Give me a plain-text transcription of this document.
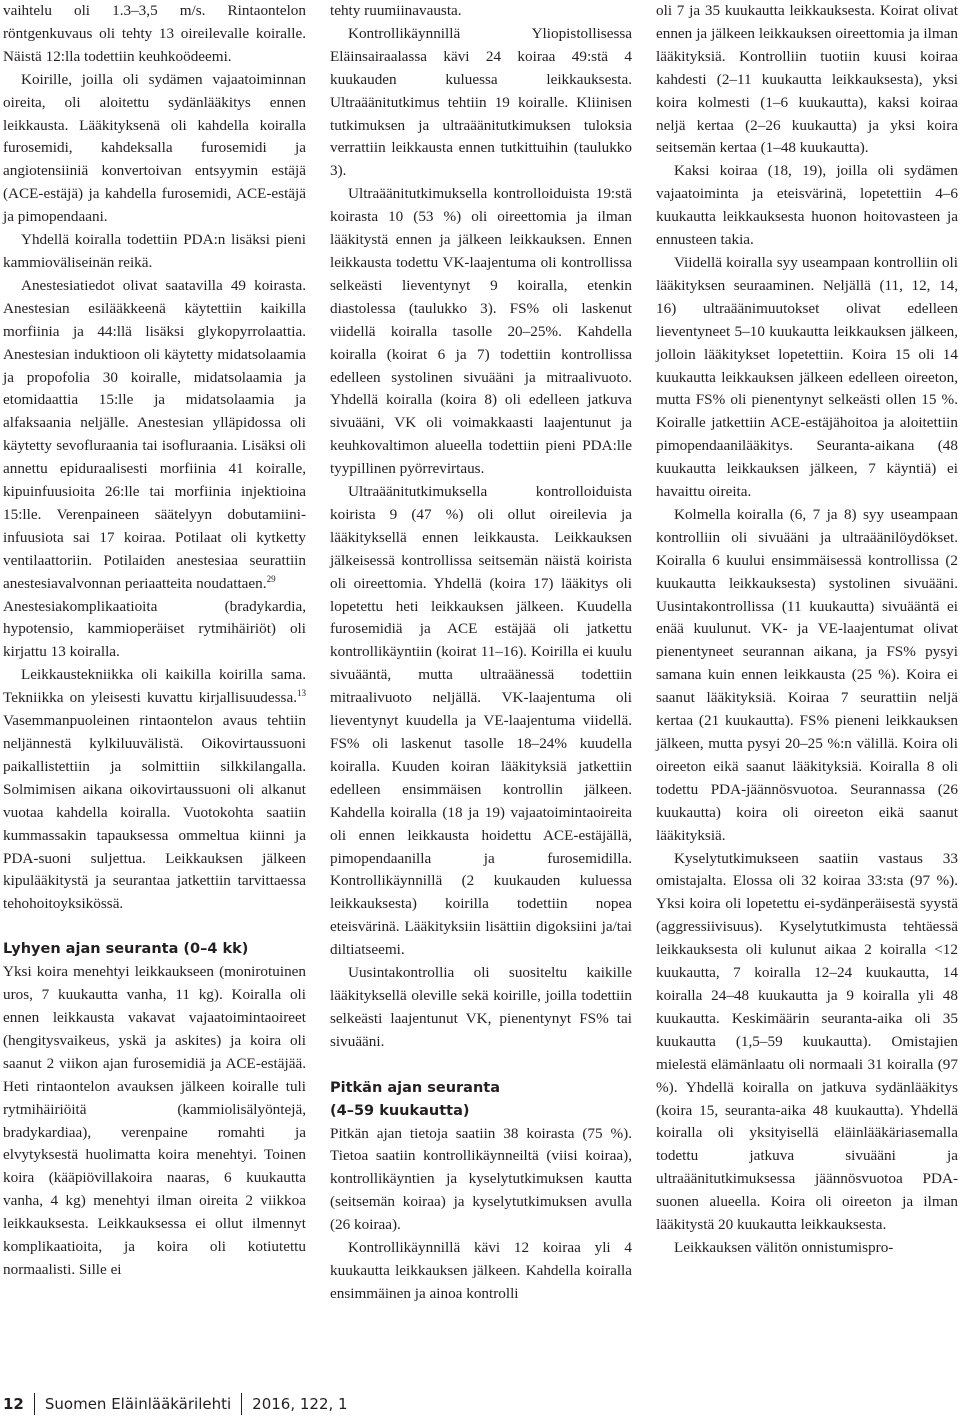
vaihtelu oli 1.3–3,5 m/s. Rintaontelon röntgenkuvaus oli tehty 13 oireilevalle koiralle. Näistä 12:lla todettiin keuhkoödeemi.

Koirille, joilla oli sydämen vajaatoiminnan oireita, oli aloitettu sydänlääkitys ennen leikkausta. Lääkityksenä oli kahdella koiralla furosemidi, kahdeksalla furosemidi ja angiotensiiniä konvertoivan entsyymin estäjä (ACE-estäjä) ja kahdella furosemidi, ACE-estäjä ja pimopendaani.

Yhdellä koiralla todettiin PDA:n lisäksi pieni kammioväliseinän reikä.

Anestesiatiedot olivat saatavilla 49 koirasta. Anestesian esilääkkeenä käytettiin kaikilla morfiinia ja 44:llä lisäksi glykopyrrolaattia. Anestesian induktioon oli käytetty midatsolaamia ja propofolia 30 koiralle, midatsolaamia ja etomidaattia 15:lle ja midatsolaamia ja alfaksaania neljälle. Anestesian ylläpidossa oli käytetty sevofluraania tai isofluraania. Lisäksi oli annettu epiduraalisesti morfiinia 41 koiralle, kipuinfuusioita 26:lle tai morfiinia injektioina 15:lle. Verenpaineen säätelyyn dobutamiini-infuusiota sai 17 koiraa. Potilaat oli kytketty ventilaattoriin. Potilaiden anestesiaa seurattiin anestesiavalvonnan periaatteita noudattaen.$^{29}$

Anestesiakomplikaatioita (bradykardia, hypotensio, kammioperäiset rytmihäiriöt) oli kirjattu 13 koiralla.

Leikkaustekniikka oli kaikilla koirilla sama. Tekniikka on yleisesti kuvattu kirjallisuudessa.$^{13}$ Vasemmanpuoleinen rintaontelon avaus tehtiin neljännestä kylkiluuvälistä. Oikovirtaussuoni paikallistettiin ja solmittiin silkkilangalla. Solmimisen aikana oikovirtaussuoni oli alkanut vuotaa kahdella koiralla. Vuotokohta saatiin kummassakin tapauksessa ommeltua kiinni ja PDA-suoni suljettua. Leikkauksen jälkeen kipulääkitystä ja seurantaa jatkettiin tarvittaessa tehohoitoyksikössä.

Lyhyen ajan seuranta (0–4 kk)

Yksi koira menehtyi leikkaukseen (monirotuinen uros, 7 kuukautta vanha, 11 kg). Koiralla oli ennen leikkausta vakavat vajaatoimintaoireet (hengitysvaikeus, yskä ja askites) ja koira oli saanut 2 viikon ajan furosemidiä ja ACE-estäjää. Heti rintaontelon avauksen jälkeen koiralle tuli rytmihäiriöitä (kammiolisälyöntejä, bradykardiaa), verenpaine romahti ja elvytyksestä huolimatta koira menehtyi. Toinen koira (kääpiövillakoira naaras, 6 kuukautta vanha, 4 kg) menehtyi ilman oireita 2 viikkoa leikkauksesta. Leikkauksessa ei ollut ilmennyt komplikaatioita, ja koira oli kotiutettu normaalisti. Sille ei

tehty ruumiinavausta.

Kontrollikäynnillä Yliopistollisessa Eläinsairaalassa kävi 24 koiraa 49:stä 4 kuukauden kuluessa leikkauksesta. Ultraäänitutkimus tehtiin 19 koiralle. Kliinisen tutkimuksen ja ultraäänitutkimuksen tuloksia verrattiin leikkausta ennen tutkittuihin (taulukko 3).

Ultraäänitutkimuksella kontrolloiduista 19:stä koirasta 10 (53 %) oli oireettomia ja ilman lääkitystä ennen ja jälkeen leikkauksen. Ennen leikkausta todettu VK-laajentuma oli kontrollissa selkeästi lieventynyt 9 koiralla, etenkin diastolessa (taulukko 3). FS% oli laskenut viidellä koiralla tasolle 20–25%. Kahdella koiralla (koirat 6 ja 7) todettiin kontrollissa edelleen systolinen sivuääni ja mitraalivuoto. Yhdellä koiralla (koira 8) oli edelleen jatkuva sivuääni, VK oli voimakkaasti laajentunut ja keuhkovaltimon alueella todettiin pieni PDA:lle tyypillinen pyörrevirtaus.

Ultraäänitutkimuksella kontrolloiduista koirista 9 (47 %) oli ollut oireilevia ja lääkityksellä ennen leikkausta. Leikkauksen jälkeisessä kontrollissa seitsemän näistä koirista oli oireettomia. Yhdellä (koira 17) lääkitys oli lopetettu heti leikkauksen jälkeen. Kuudella furosemidiä ja ACE estäjää oli jatkettu kontrollikäyntiin (koirat 11–16). Koirilla ei kuulu sivuääntä, mutta ultraäänessä todettiin mitraalivuoto neljällä. VK-laajentuma oli lieventynyt kuudella ja VE-laajentuma viidellä. FS% oli laskenut tasolle 18–24% kuudella koiralla. Kuuden koiran lääkityksiä jatkettiin edelleen ensimmäisen kontrollin jälkeen. Kahdella koiralla (18 ja 19) vajaatoimintaoireita oli ennen leikkausta hoidettu ACE-estäjällä, pimopendaanilla ja furosemidilla. Kontrollikäynnillä (2 kuukauden kuluessa leikkauksesta) koirilla todettiin nopea eteisvärinä. Lääkityksiin lisättiin digoksiini ja/tai diltiatseemi.

Uusintakontrollia oli suositeltu kaikille lääkityksellä oleville sekä koirille, joilla todettiin selkeästi laajentunut VK, pienentynyt FS% tai sivuääni.

Pitkän ajan seuranta
(4–59 kuukautta)

Pitkän ajan tietoja saatiin 38 koirasta (75 %). Tietoa saatiin kontrollikäynneiltä (viisi koiraa), kontrollikäyntien ja kyselytutkimuksen kautta (seitsemän koiraa) ja kyselytutkimuksen avulla (26 koiraa).

Kontrollikäynnillä kävi 12 koiraa yli 4 kuukautta leikkauksen jälkeen. Kahdella koiralla ensimmäinen ja ainoa kontrolli

oli 7 ja 35 kuukautta leikkauksesta. Koirat olivat ennen ja jälkeen leikkauksen oireettomia ja ilman lääkityksiä. Kontrolliin tuotiin kuusi koiraa kahdesti (2–11 kuukautta leikkauksesta), yksi koira kolmesti (1–6 kuukautta), kaksi koiraa neljä kertaa (2–26 kuukautta) ja yksi koira seitsemän kertaa (1–48 kuukautta).

Kaksi koiraa (18, 19), joilla oli sydämen vajaatoiminta ja eteisvärinä, lopetettiin 4–6 kuukautta leikkauksesta huonon hoitovasteen ja ennusteen takia.

Viidellä koiralla syy useampaan kontrolliin oli lääkityksen seuraaminen. Neljällä (11, 12, 14, 16) ultraäänimuutokset olivat edelleen lieventyneet 5–10 kuukautta leikkauksen jälkeen, jolloin lääkitykset lopetettiin. Koira 15 oli 14 kuukautta leikkauksen jälkeen edelleen oireeton, mutta FS% oli pienentynyt selkeästi ollen 15 %. Koiralle jatkettiin ACE-estäjähoitoa ja aloitettiin pimopendaanilääkitys. Seuranta-aikana (48 kuukautta leikkauksen jälkeen, 7 käyntiä) ei havaittu oireita.

Kolmella koiralla (6, 7 ja 8) syy useampaan kontrolliin oli sivuääni ja ultraäänilöydökset. Koiralla 6 kuului ensimmäisessä kontrollissa (2 kuukautta leikkauksesta) systolinen sivuääni. Uusintakontrollissa (11 kuukautta) sivuääntä ei enää kuulunut. VK- ja VE-laajentumat olivat pienentyneet seurannan aikana, ja FS% pysyi samana kuin ennen leikkausta (25 %). Koira ei saanut lääkityksiä. Koiraa 7 seurattiin neljä kertaa (21 kuukautta). FS% pieneni leikkauksen jälkeen, mutta pysyi 20–25 %:n välillä. Koira oli oireeton eikä saanut lääkityksiä. Koiralla 8 oli todettu PDA-jäännösvuotoa. Seurannassa (26 kuukautta) koira oli oireeton eikä saanut lääkityksiä.

Kyselytutkimukseen saatiin vastaus 33 omistajalta. Elossa oli 32 koiraa 33:sta (97 %). Yksi koira oli lopetettu ei-sydänperäisestä syystä (aggressiivisuus). Kyselytutkimusta tehtäessä leikkauksesta oli kulunut aikaa 2 koiralla <12 kuukautta, 7 koiralla 12–24 kuukautta, 14 koiralla 24–48 kuukautta ja 9 koiralla yli 48 kuukautta. Keskimäärin seuranta-aika oli 35 kuukautta (1,5–59 kuukautta). Omistajien mielestä elämänlaatu oli normaali 31 koiralla (97 %). Yhdellä koiralla on jatkuva sydänlääkitys (koira 15, seuranta-aika 48 kuukautta). Yhdellä koiralla oli yksityisellä eläinlääkäriasemalla todettu jatkuva sivuääni ja ultraäänitutkimuksessa jäännösvuotoa PDA-suonen alueella. Koira oli oireeton ja ilman lääkitystä 20 kuukautta leikkauksesta.

Leikkauksen välitön onnistumispro-

12 Suomen Eläinlääkärilehti 2016, 122, 1
